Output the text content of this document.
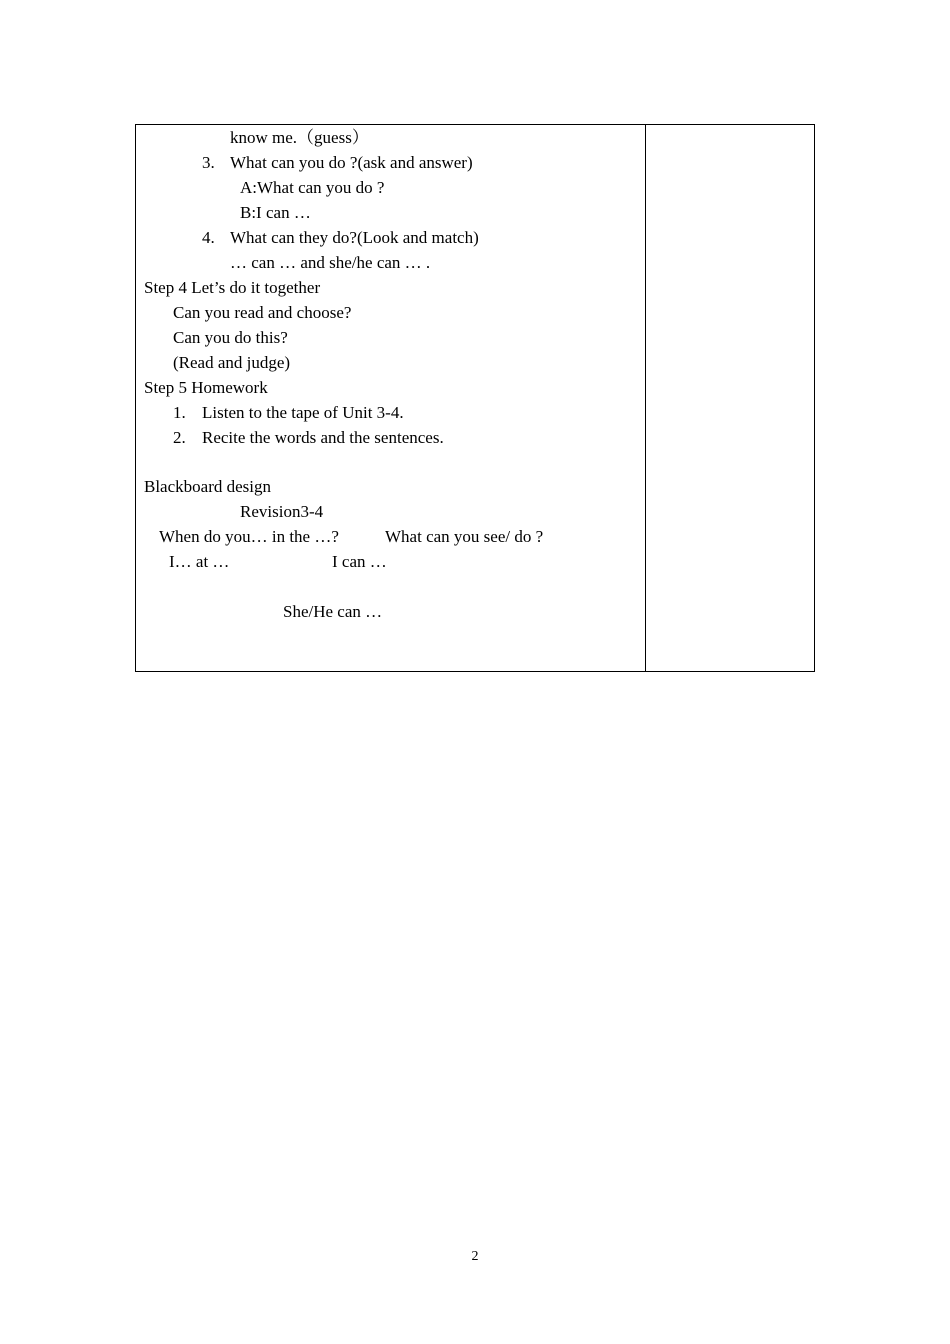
know me.（guess）
3. What can you do ?(ask and answer)
A:What can you do ?
B:I can …
4. What can they do?(Look and match)
… can … and she/he can … .
Step 4 Let’s do it together
Can you read and choose?
Can you do this?
(Read and judge)
Step 5 Homework
1. Listen to the tape of Unit 3-4.
2. Recite the words and the sentences.
Blackboard design
Revision3-4
When do you… in the …?	What can you see/ do ?
I… at …	I can …
She/He can …
2
